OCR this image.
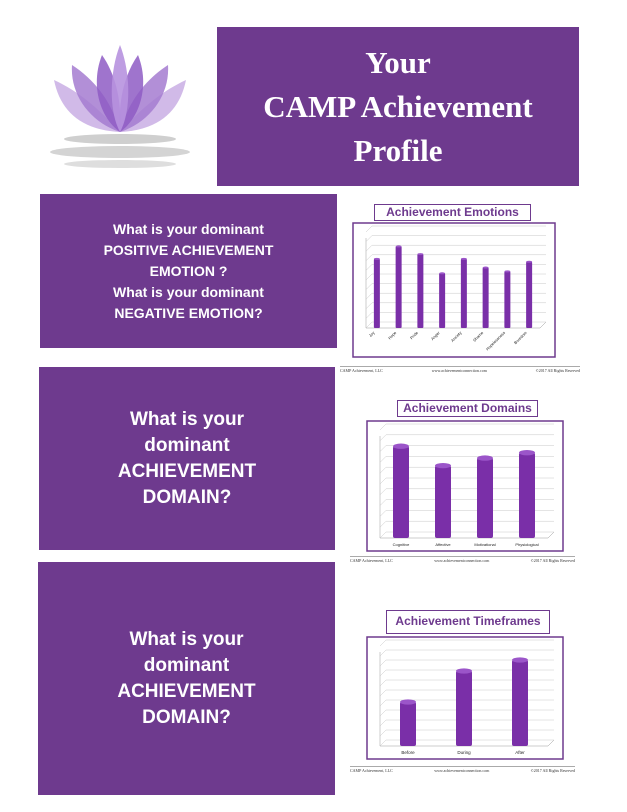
Your
CAMP Achievement
Profile
What is your dominant
POSITIVE ACHIEVEMENT
EMOTION ?
What is your dominant
NEGATIVE EMOTION?
What is your
dominant
ACHIEVEMENT
DOMAIN?
What is your
dominant
ACHIEVEMENT
DOMAIN?
Achievement Emotions
Joy	Hope	Pride	Anger Anxiety Shame Hopelessness Boredom
CAMP Achievement, LLC	www.achievementconnection.com	©2017 All Rights Reserved
Achievement Domains
Cognitive	Affective	Motivational	Physiological
CAMP Achievement, LLC	www.achievementconnection.com	©2017 All Rights Reserved
Achievement Timeframes
Before	During	After
CAMP Achievement, LLC	www.achievementconnection.com	©2017 All Rights Reserved
